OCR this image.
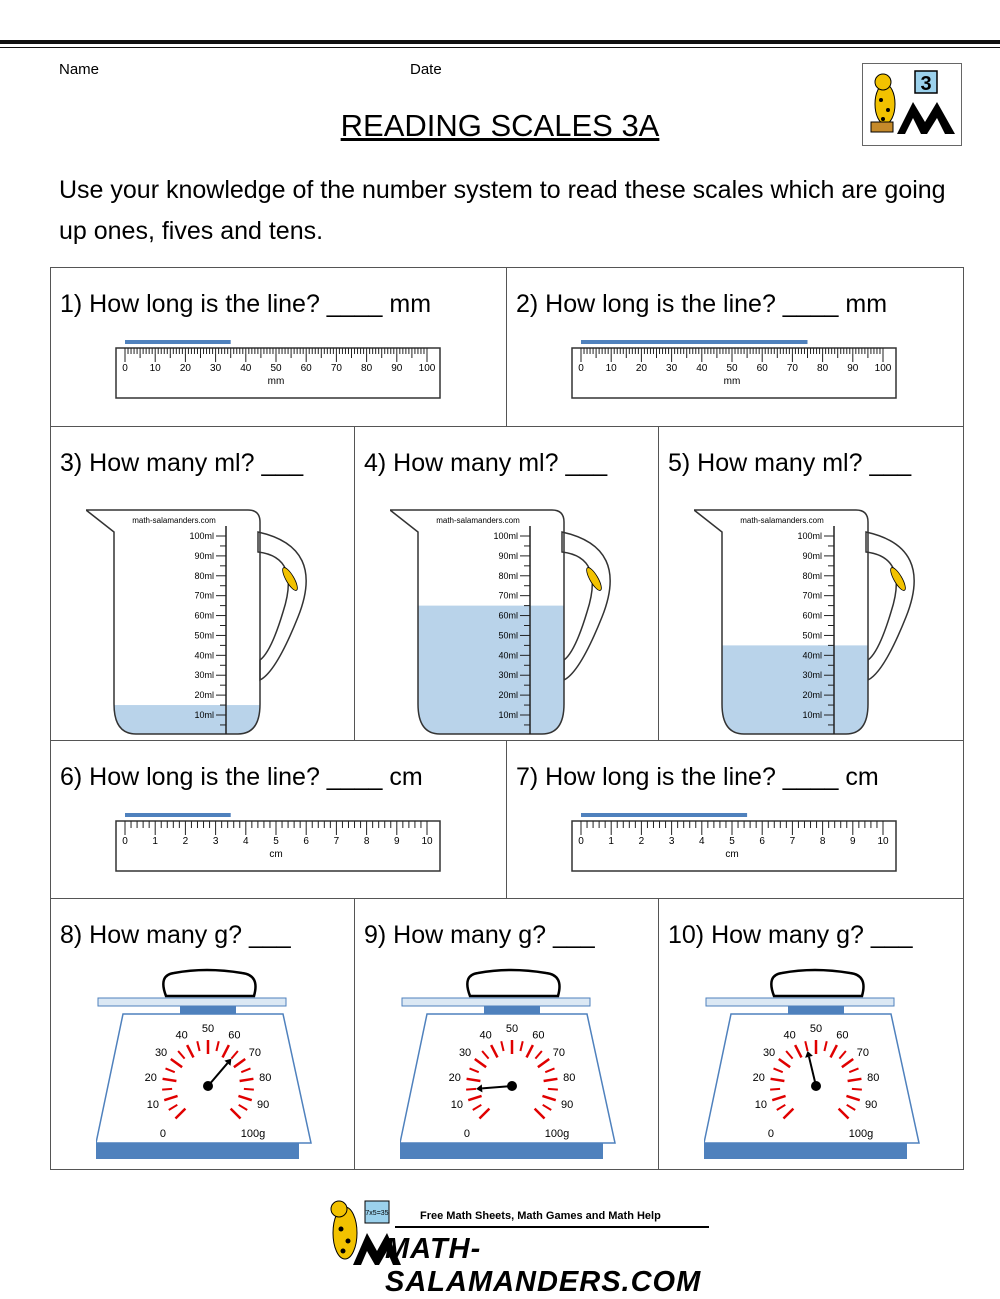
Name	Date
3
READING SCALES 3A
Use your knowledge of the number system to read these scales which are going up ones, fives and tens.
1) How long is the line? ____ mm
0 10 20 30 40 50 60 70 80 90 100
mm
2) How long is the line? ____ mm
0 10 20 30 40 50 60 70 80 90 100
mm
3) How many ml? ___
math-salamanders.com
100ml
90ml
80ml
70ml
60ml
50ml
40ml
30ml
20ml
10ml
4) How many ml? ___
math-salamanders.com
100ml
90ml
80ml
70ml
60ml
50ml
40ml
30ml
20ml
10ml
5) How many ml? ___
math-salamanders.com
100ml
90ml
80ml
70ml
60ml
50ml
40ml
30ml
20ml
10ml
6) How long is the line? ____ cm
0 1 2 3 4 5 6 7 8 9 10
cm
7) How long is the line? ____ cm
0 1 2 3 4 5 6 7 8 9 10
cm
8) How many g? ___
0
10
20
30
40
50
60
70
80
90
100g
9) How many g? ___
0
10
20
30
40
50
60
70
80
90
100g
10) How many g? ___
0
10
20
30
40
50
60
70
80
90
100g
7x5=35	Free Math Sheets, Math Games and Math Help
MATH-SALAMANDERS.COM
